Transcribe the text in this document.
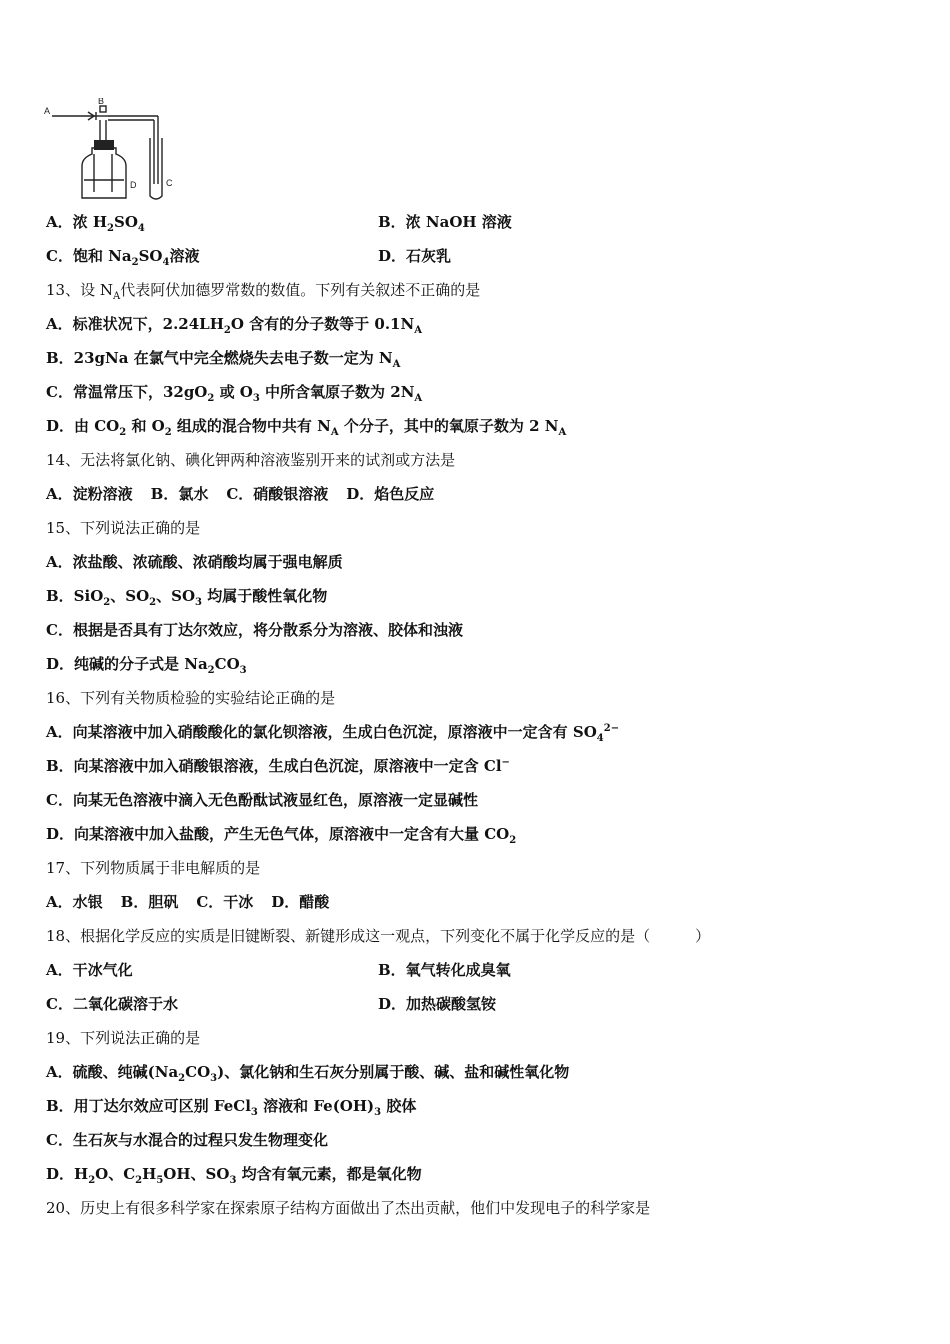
A
B
C
D
A．浓 $H_2SO_4$	B．浓 NaOH 溶液
C．饱和 $Na_2SO_4$溶液	D．石灰乳
13、设 $N_A$代表阿伏加德罗常数的数值。下列有关叙述不正确的是
A．标准状况下，$2.24LH_2O$ 含有的分子数等于 $0.1N_A$
B．23gNa 在氯气中完全燃烧失去电子数一定为 $N_A$
C．常温常压下，$32gO_2$ 或 $O_3$ 中所含氧原子数为 $2N_A$
D．由 $CO_2$ 和 $O_2$ 组成的混合物中共有 $N_A$ 个分子，其中的氧原子数为 2 $N_A$
14、无法将氯化钠、碘化钾两种溶液鉴别开来的试剂或方法是
A．淀粉溶液 B．氯水 C．硝酸银溶液 D．焰色反应
15、下列说法正确的是
A．浓盐酸、浓硫酸、浓硝酸均属于强电解质
B．SiO$_2$、$SO_2$、$SO_3$ 均属于酸性氧化物
C．根据是否具有丁达尔效应，将分散系分为溶液、胶体和浊液
D．纯碱的分子式是 $Na_2CO_3$
16、下列有关物质检验的实验结论正确的是
A．向某溶液中加入硝酸酸化的氯化钡溶液，生成白色沉淀，原溶液中一定含有 $SO_4^{2-}$
B．向某溶液中加入硝酸银溶液，生成白色沉淀，原溶液中一定含 Cl−
C．向某无色溶液中滴入无色酚酞试液显红色，原溶液一定显碱性
D．向某溶液中加入盐酸，产生无色气体，原溶液中一定含有大量 $CO_2$
17、下列物质属于非电解质的是
A．水银 B．胆矾 C．干冰 D．醋酸
18、根据化学反应的实质是旧键断裂、新键形成这一观点，下列变化不属于化学反应的是（　　　）
A．干冰气化	B．氧气转化成臭氧
C．二氧化碳溶于水	D．加热碳酸氢铵
19、下列说法正确的是
A．硫酸、纯碱$(Na_2CO_3)$、氯化钠和生石灰分别属于酸、碱、盐和碱性氧化物
B．用丁达尔效应可区别 FeCl$_3$ 溶液和 $Fe(OH)_3$ 胶体
C．生石灰与水混合的过程只发生物理变化
D．$H_2O$、$C_2H_5OH$、$SO_3$ 均含有氧元素，都是氧化物
20、历史上有很多科学家在探索原子结构方面做出了杰出贡献，他们中发现电子的科学家是
